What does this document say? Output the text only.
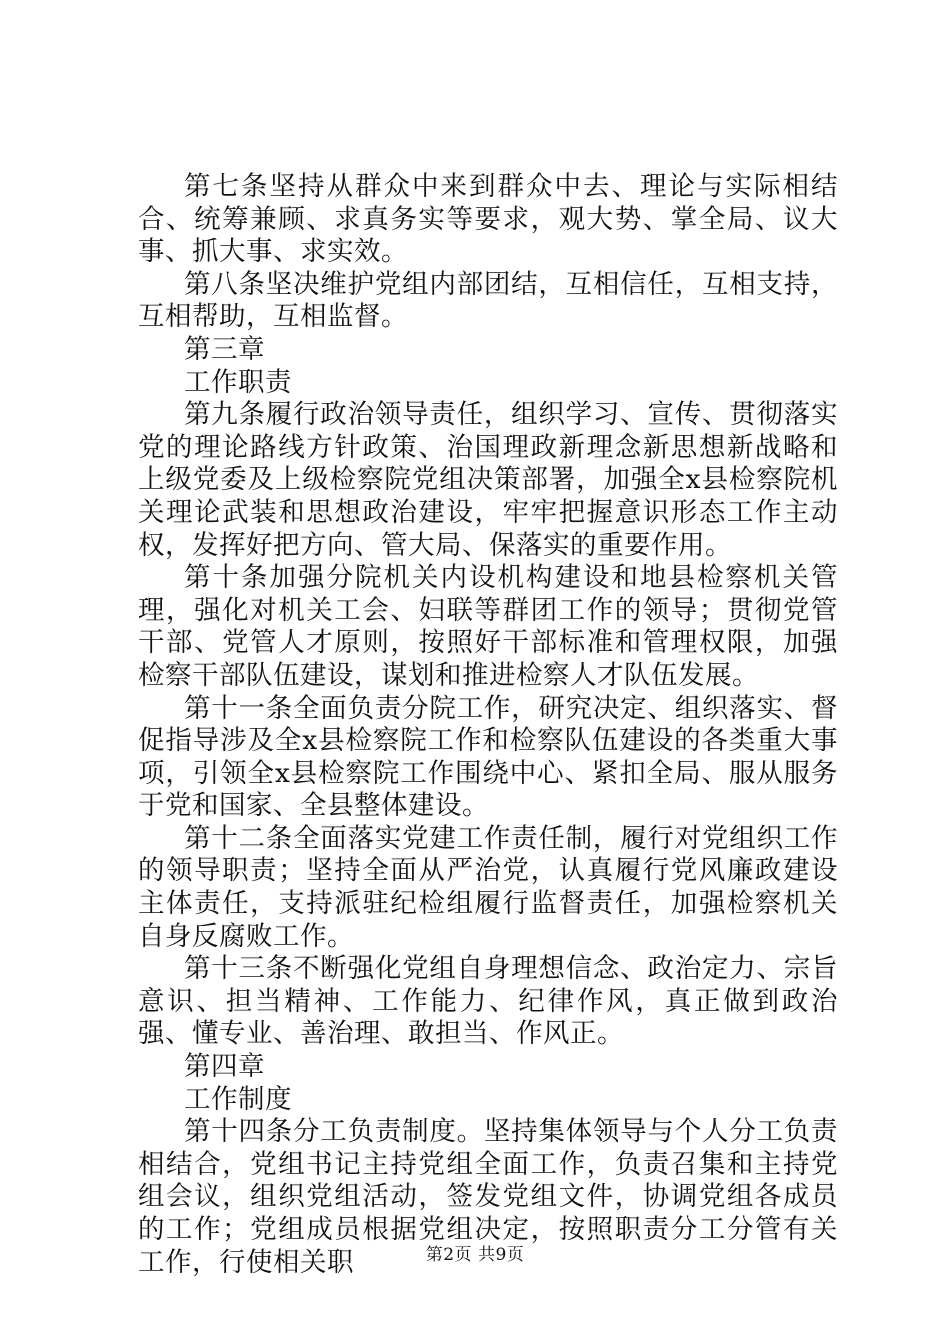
第七条坚持从群众中来到群众中去、理论与实际相结合、统筹兼顾、求真务实等要求，观大势、掌全局、议大事、抓大事、求实效。

第八条坚决维护党组内部团结，互相信任，互相支持，互相帮助，互相监督。

第三章

工作职责

第九条履行政治领导责任，组织学习、宣传、贯彻落实党的理论路线方针政策、治国理政新理念新思想新战略和上级党委及上级检察院党组决策部署，加强全x县检察院机关理论武装和思想政治建设，牢牢把握意识形态工作主动权，发挥好把方向、管大局、保落实的重要作用。

第十条加强分院机关内设机构建设和地县检察机关管理，强化对机关工会、妇联等群团工作的领导；贯彻党管干部、党管人才原则，按照好干部标准和管理权限，加强检察干部队伍建设，谋划和推进检察人才队伍发展。

第十一条全面负责分院工作，研究决定、组织落实、督促指导涉及全x县检察院工作和检察队伍建设的各类重大事项，引领全x县检察院工作围绕中心、紧扣全局、服从服务于党和国家、全县整体建设。

第十二条全面落实党建工作责任制，履行对党组织工作的领导职责；坚持全面从严治党，认真履行党风廉政建设主体责任，支持派驻纪检组履行监督责任，加强检察机关自身反腐败工作。

第十三条不断强化党组自身理想信念、政治定力、宗旨意识、担当精神、工作能力、纪律作风，真正做到政治强、懂专业、善治理、敢担当、作风正。

第四章

工作制度

第十四条分工负责制度。坚持集体领导与个人分工负责相结合，党组书记主持党组全面工作，负责召集和主持党组会议，组织党组活动，签发党组文件，协调党组各成员的工作；党组成员根据党组决定，按照职责分工分管有关工作，行使相关职	第2页 共9页
